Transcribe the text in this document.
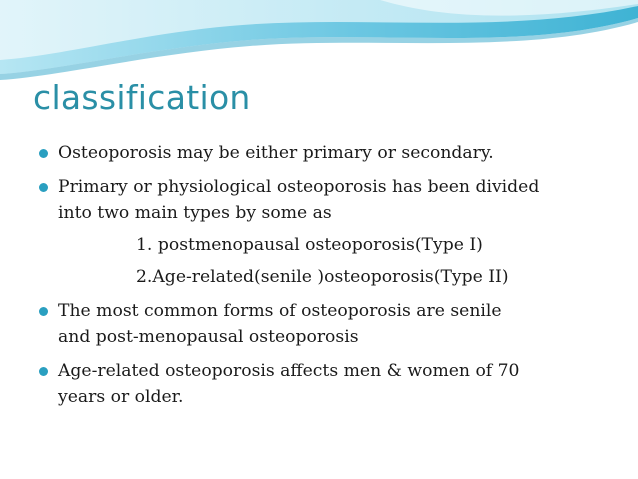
classification
Osteoporosis may be either primary or secondary.
Primary or physiological osteoporosis has been divided
into two main types by some as
1. postmenopausal osteoporosis(Type I)
2.Age-related(senile )osteoporosis(Type II)
The most common forms of osteoporosis are senile
and post-menopausal osteoporosis
Age-related osteoporosis affects men & women of 70
years or older.
